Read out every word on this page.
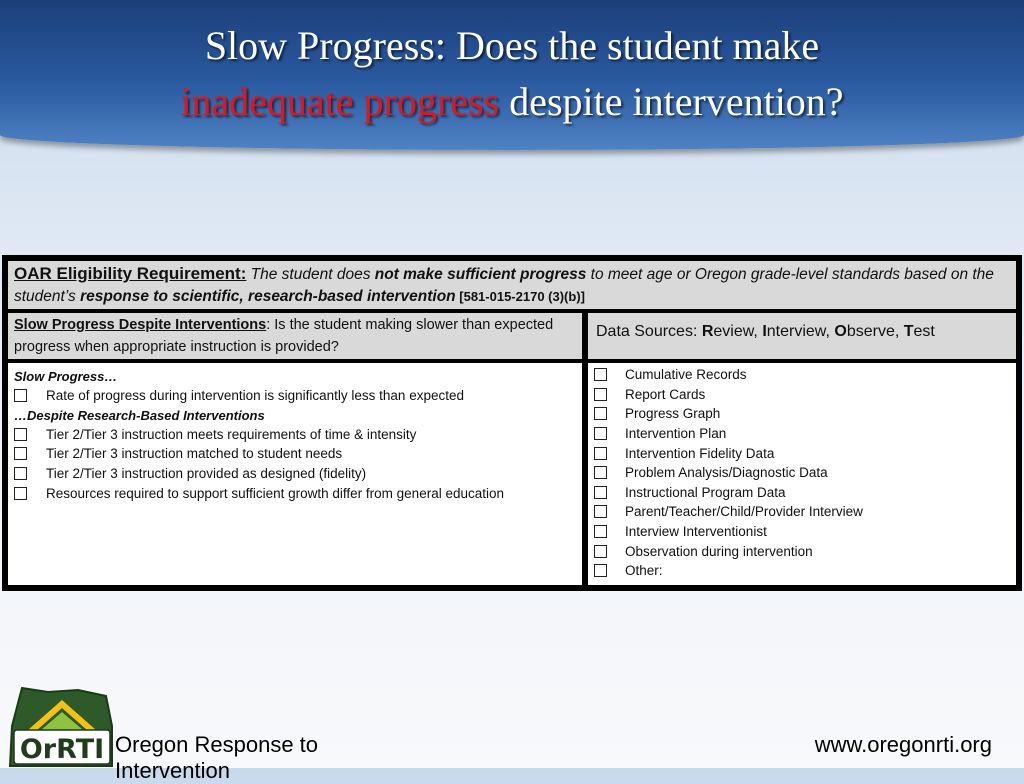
Slow Progress: Does the student make
inadequate progress despite intervention?
OAR Eligibility Requirement: The student does not make sufficient progress to meet age or Oregon grade-level standards based on the student’s response to scientific, research-based intervention [581-015-2170 (3)(b)]
Slow Progress Despite Interventions: Is the student making slower than expected progress when appropriate instruction is provided?
Data Sources: Review, Interview, Observe, Test
Slow Progress…
Rate of progress during intervention is significantly less than expected
…Despite Research-Based Interventions
Tier 2/Tier 3 instruction meets requirements of time & intensity
Tier 2/Tier 3 instruction matched to student needs
Tier 2/Tier 3 instruction provided as designed (fidelity)
Resources required to support sufficient growth differ from general education
Cumulative Records
Report Cards
Progress Graph
Intervention Plan
Intervention Fidelity Data
Problem Analysis/Diagnostic Data
Instructional Program Data
Parent/Teacher/Child/Provider Interview
Interview Interventionist
Observation during intervention
Other:
OrRTI Oregon Response to
Intervention
www.oregonrti.org
